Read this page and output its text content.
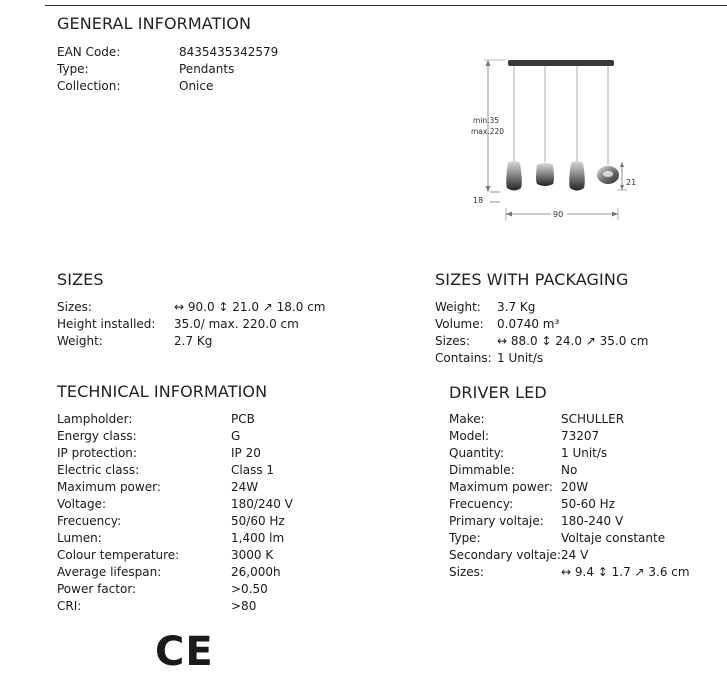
GENERAL INFORMATION
EAN Code:	8435435342579
Type:	Pendants
Collection:	Onice
min.35
max.220
21
18
90
SIZES
Sizes:	↔ 90.0 ↕ 21.0 ↗ 18.0 cm
Height installed: 35.0/ max. 220.0 cm
Weight:	2.7 Kg
SIZES WITH PACKAGING
Weight: 3.7 Kg
Volume: 0.0740 m³
Sizes: ↔ 88.0 ↕ 24.0 ↗ 35.0 cm
Contains: 1 Unit/s
TECHNICAL INFORMATION
Lampholder:	PCB
Energy class:	G
IP protection:	IP 20
Electric class:	Class 1
Maximum power:	24W
Voltage:	180/240 V
Frecuency:	50/60 Hz
Lumen:	1,400 lm
Colour temperature:	3000 K
Average lifespan:	26,000h
Power factor:	>0.50
CRI:	>80
DRIVER LED
Make:	SCHULLER
Model:	73207
Quantity:	1 Unit/s
Dimmable:	No
Maximum power: 20W
Frecuency:	50-60 Hz
Primary voltaje: 180-240 V
Type:	Voltaje constante
Secondary voltaje: 24 V
Sizes:	↔ 9.4 ↕ 1.7 ↗ 3.6 cm
CE
